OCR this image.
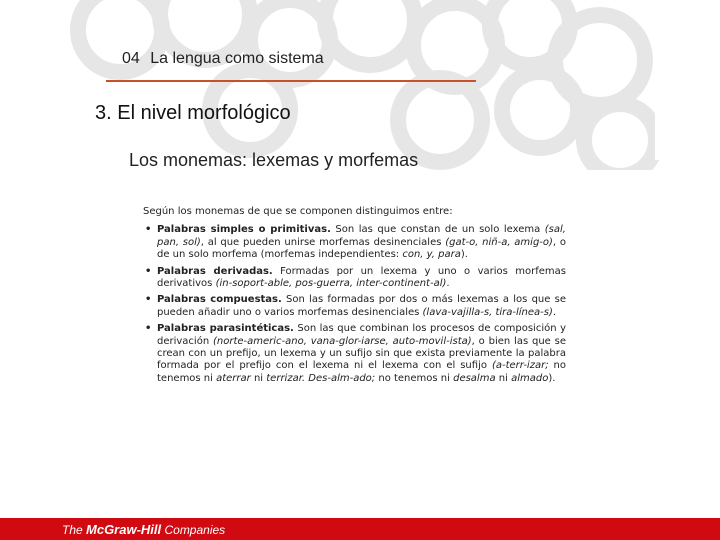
04 La lengua como sistema
3. El nivel morfológico
Los monemas: lexemas y morfemas

Según los monemas de que se componen distinguimos entre:

• Palabras simples o primitivas. Son las que constan de un solo lexema (sal, pan, sol), al que pueden unirse morfemas desinenciales (gat-o, niñ-a, amig-o), o de un solo morfema (morfemas independientes: con, y, para).
• Palabras derivadas. Formadas por un lexema y uno o varios morfemas derivativos (in-soport-able, pos-guerra, inter-continent-al).
• Palabras compuestas. Son las formadas por dos o más lexemas a los que se pueden añadir uno o varios morfemas desinenciales (lava-vajilla-s, tira-línea-s).
• Palabras parasintéticas. Son las que combinan los procesos de composición y derivación (norte-americ-ano, vana-glor-iarse, auto-movil-ista), o bien las que se crean con un prefijo, un lexema y un sufijo sin que exista previamente la palabra formada por el prefijo con el lexema ni el lexema con el sufijo (a-terr-izar; no tenemos ni aterrar ni terrizar. Des-alm-ado; no tenemos ni desalma ni almado).
The McGraw-Hill Companies
